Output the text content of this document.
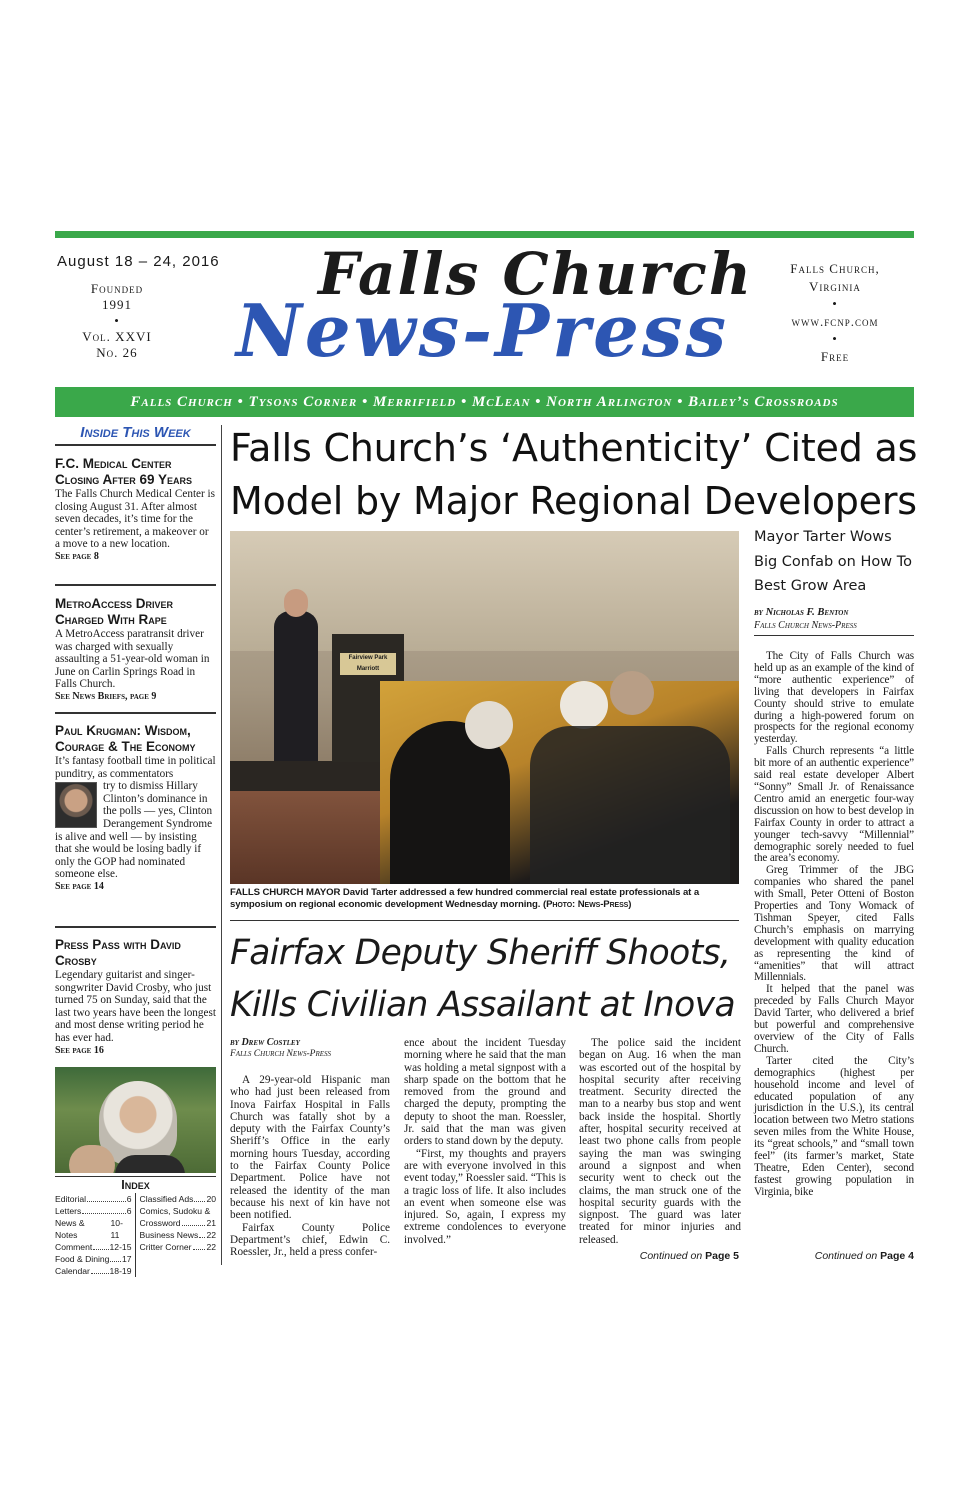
August 18 – 24, 2016
Founded
1991
•
Vol. XXVI
No. 26
Falls Church
News-Press
Falls Church,
Virginia
•
www.fcnp.com
•
Free
Falls Church • Tysons Corner • Merrifield • McLean • North Arlington • Bailey’s Crossroads
Inside This Week
F.C. Medical Center Closing After 69 Years
The Falls Church Medical Center is closing August 31. After almost seven decades, it’s time for the center’s retirement, a makeover or a move to a new location.
See page 8
MetroAccess Driver Charged With Rape
A MetroAccess paratransit driver was charged with sexually assaulting a 51-year-old woman in June on Carlin Springs Road in Falls Church.
See News Briefs, page 9
Paul Krugman: Wisdom, Courage & The Economy
It’s fantasy football time in political punditry, as commentators
try to dismiss Hillary Clinton’s dominance in the polls — yes, Clinton Derangement Syndrome
is alive and well — by insisting that she would be losing badly if only the GOP had nominated someone else.
See page 14
Press Pass with David Crosby
Legendary guitarist and singer-songwriter David Crosby, who just turned 75 on Sunday, said that the last two years have been the longest and most dense writing period he has ever had.
See page 16
Index
Editorial	6
Letters	6
News & Notes
10-11
Comment 12-15
Food & Dining 17
Calendar 18-19
Classified Ads 20
Comics, Sudoku &
Crossword	21
Business News 22
Critter Corner 22
Falls Church’s ‘Authenticity’ Cited as Model by Major Regional Developers
Fairview Park Marriott
FALLS CHURCH MAYOR David Tarter addressed a few hundred commercial real estate professionals at a symposium on regional economic development Wednesday morning. (Photo: News-Press)
Mayor Tarter Wows Big Confab on How To Best Grow Area
by Nicholas F. Benton
Falls Church News-Press
The City of Falls Church was held up as an example of the kind of “more authentic experience” of living that developers in Fairfax County should strive to emulate during a high-powered forum on prospects for the regional economy yesterday.
Falls Church represents “a little bit more of an authentic experience” said real estate developer Albert “Sonny” Small Jr. of Renaissance Centro amid an energetic four-way discussion on how to best develop in Fairfax County in order to attract a younger tech-savvy “Millennial” demographic sorely needed to fuel the area’s economy.
Greg Trimmer of the JBG companies who shared the panel with Small, Peter Otteni of Boston Properties and Tony Womack of Tishman Speyer, cited Falls Church’s emphasis on marrying development with quality education as representing the kind of “amenities” that will attract Millennials.
It helped that the panel was preceded by Falls Church Mayor David Tarter, who delivered a brief but powerful and comprehensive overview of the City of Falls Church.
Tarter cited the City’s demographics (highest per household income and level of educated population of any jurisdiction in the U.S.), its central location between two Metro stations seven miles from the White House, its “great schools,” and “small town feel” (its farmer’s market, State Theatre, Eden Center), second fastest growing population in Virginia, bike
Continued on Page 4
Fairfax Deputy Sheriff Shoots, Kills Civilian Assailant at Inova
by Drew Costley
Falls Church News-Press
A 29-year-old Hispanic man who had just been released from Inova Fairfax Hospital in Falls Church was fatally shot by a deputy with the Fairfax County’s Sheriff’s Office in the early morning hours Tuesday, according to the Fairfax County Police Department. Police have not released the identity of the man because his next of kin have not been notified.
Fairfax County Police Department’s chief, Edwin C. Roessler, Jr., held a press confer-
ence about the incident Tuesday morning where he said that the man was holding a metal signpost with a sharp spade on the bottom that he removed from the ground and charged the deputy, prompting the deputy to shoot the man. Roessler, Jr. said that the man was given orders to stand down by the deputy.
“First, my thoughts and prayers are with everyone involved in this event today,” Roessler said. “This is a tragic loss of life. It also includes an event when someone else was injured. So, again, I express my extreme condolences to everyone involved.”
The police said the incident began on Aug. 16 when the man was escorted out of the hospital by hospital security after receiving treatment. Security directed the man to a nearby bus stop and went back inside the hospital. Shortly after, hospital security received at least two phone calls from people saying the man was swinging around a signpost and when security went to check out the claims, the man struck one of the hospital security guards with the signpost. The guard was later treated for minor injuries and released.
Continued on Page 5
